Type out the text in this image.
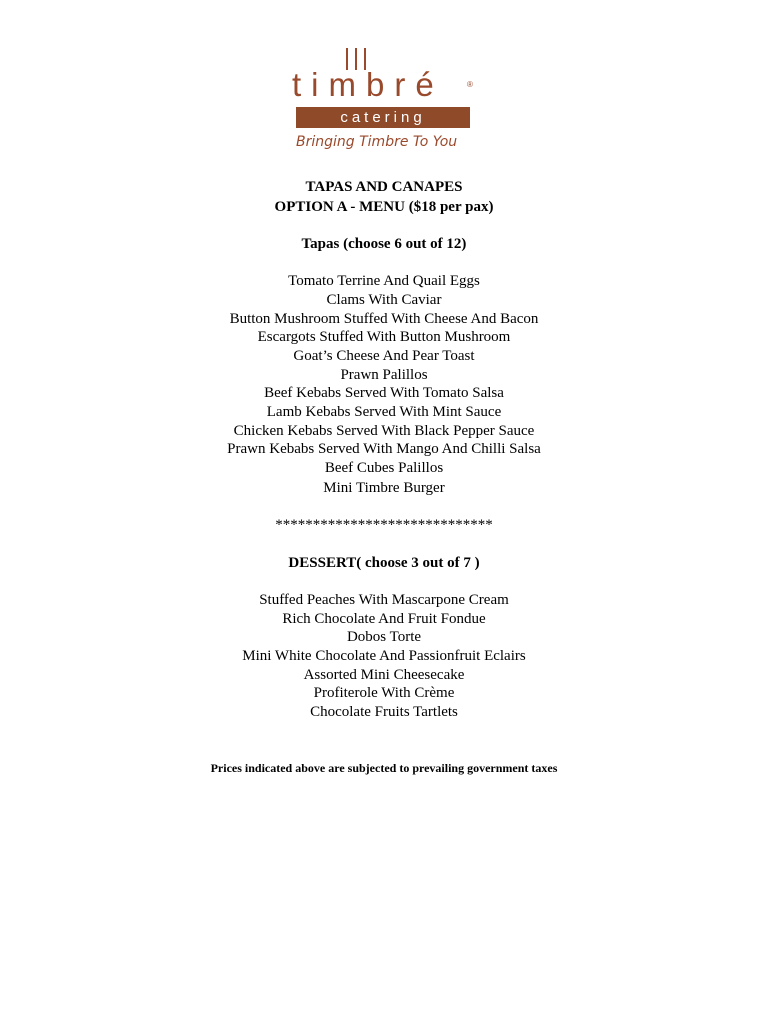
timbré	®
catering
Bringing Timbre To You
TAPAS AND CANAPES
OPTION A - MENU ($18 per pax)
Tapas (choose 6 out of 12)
Tomato Terrine And Quail Eggs
Clams With Caviar
Button Mushroom Stuffed With Cheese And Bacon
Escargots Stuffed With Button Mushroom
Goat’s Cheese And Pear Toast
Prawn Palillos
Beef Kebabs Served With Tomato Salsa
Lamb Kebabs Served With Mint Sauce
Chicken Kebabs Served With Black Pepper Sauce
Prawn Kebabs Served With Mango And Chilli Salsa
Beef Cubes Palillos
Mini Timbre Burger
*****************************
DESSERT( choose 3 out of 7 )
Stuffed Peaches With Mascarpone Cream
Rich Chocolate And Fruit Fondue
Dobos Torte
Mini White Chocolate And Passionfruit Eclairs
Assorted Mini Cheesecake
Profiterole With Crème
Chocolate Fruits Tartlets
Prices indicated above are subjected to prevailing government taxes
